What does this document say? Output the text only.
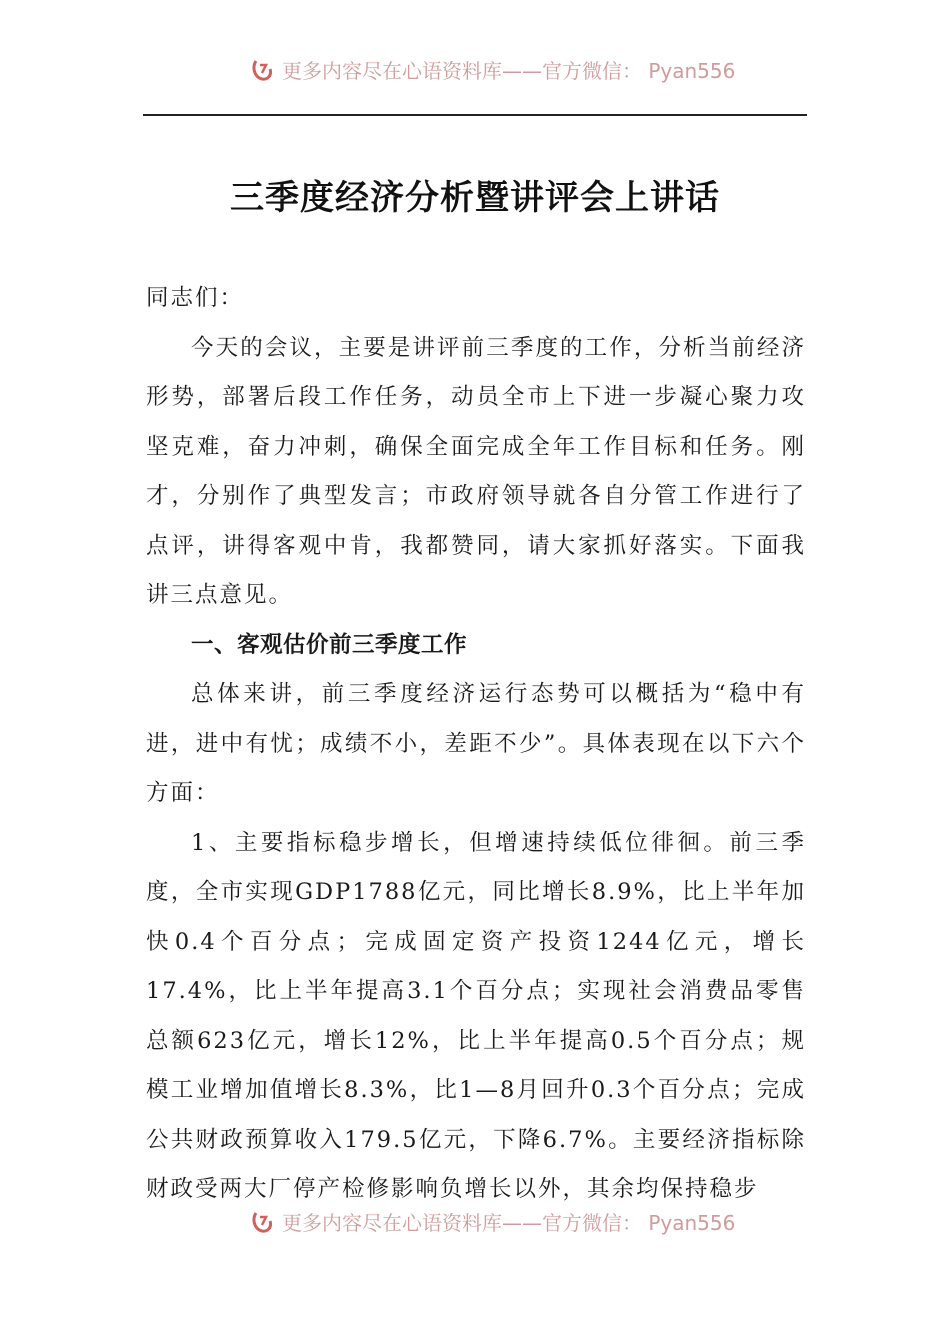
更多内容尽在心语资料库——官方微信： Pyan556
三季度经济分析暨讲评会上讲话

同志们：

今天的会议，主要是讲评前三季度的工作，分析当前经济形势，部署后段工作任务，动员全市上下进一步凝心聚力攻坚克难，奋力冲刺，确保全面完成全年工作目标和任务。刚才，分别作了典型发言；市政府领导就各自分管工作进行了点评，讲得客观中肯，我都赞同，请大家抓好落实。下面我讲三点意见。

一、客观估价前三季度工作

总体来讲，前三季度经济运行态势可以概括为“稳中有进，进中有忧；成绩不小，差距不少”。具体表现在以下六个方面：

1、主要指标稳步增长，但增速持续低位徘徊。前三季度，全市实现GDP1788亿元，同比增长8.9%，比上半年加快0.4个百分点；完成固定资产投资1244亿元，增长17.4%，比上半年提高3.1个百分点；实现社会消费品零售总额623亿元，增长12%，比上半年提高0.5个百分点；规模工业增加值增长8.3%，比1—8月回升0.3个百分点；完成公共财政预算收入179.5亿元，下降6.7%。主要经济指标除财政受两大厂停产检修影响负增长以外，其余均保持稳步

更多内容尽在心语资料库——官方微信： Pyan556
